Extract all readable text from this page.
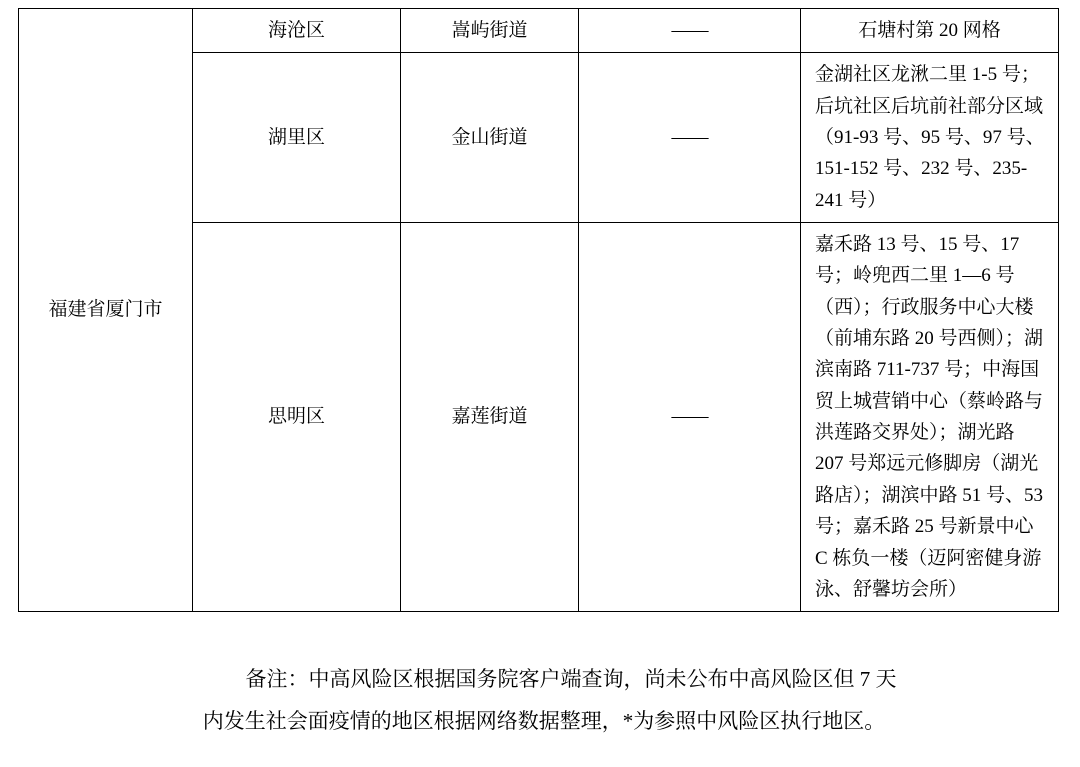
福建省厦门市	海沧区	嵩屿街道	——	石塘村第 20 网格
	湖里区	金山街道	——	金湖社区龙湫二里 1-5 号；后坑社区后坑前社部分区域（91-93 号、95 号、97 号、151-152 号、232 号、235-241 号）
	思明区	嘉莲街道	——	嘉禾路 13 号、15 号、17 号；岭兜西二里 1—6 号（西）；行政服务中心大楼（前埔东路 20 号西侧）；湖滨南路 711-737 号；中海国贸上城营销中心（蔡岭路与洪莲路交界处）；湖光路 207 号郑远元修脚房（湖光路店）；湖滨中路 51 号、53 号；嘉禾路 25 号新景中心 C 栋负一楼（迈阿密健身游泳、舒馨坊会所）
备注：中高风险区根据国务院客户端查询，尚未公布中高风险区但 7 天
内发生社会面疫情的地区根据网络数据整理，*为参照中风险区执行地区。
